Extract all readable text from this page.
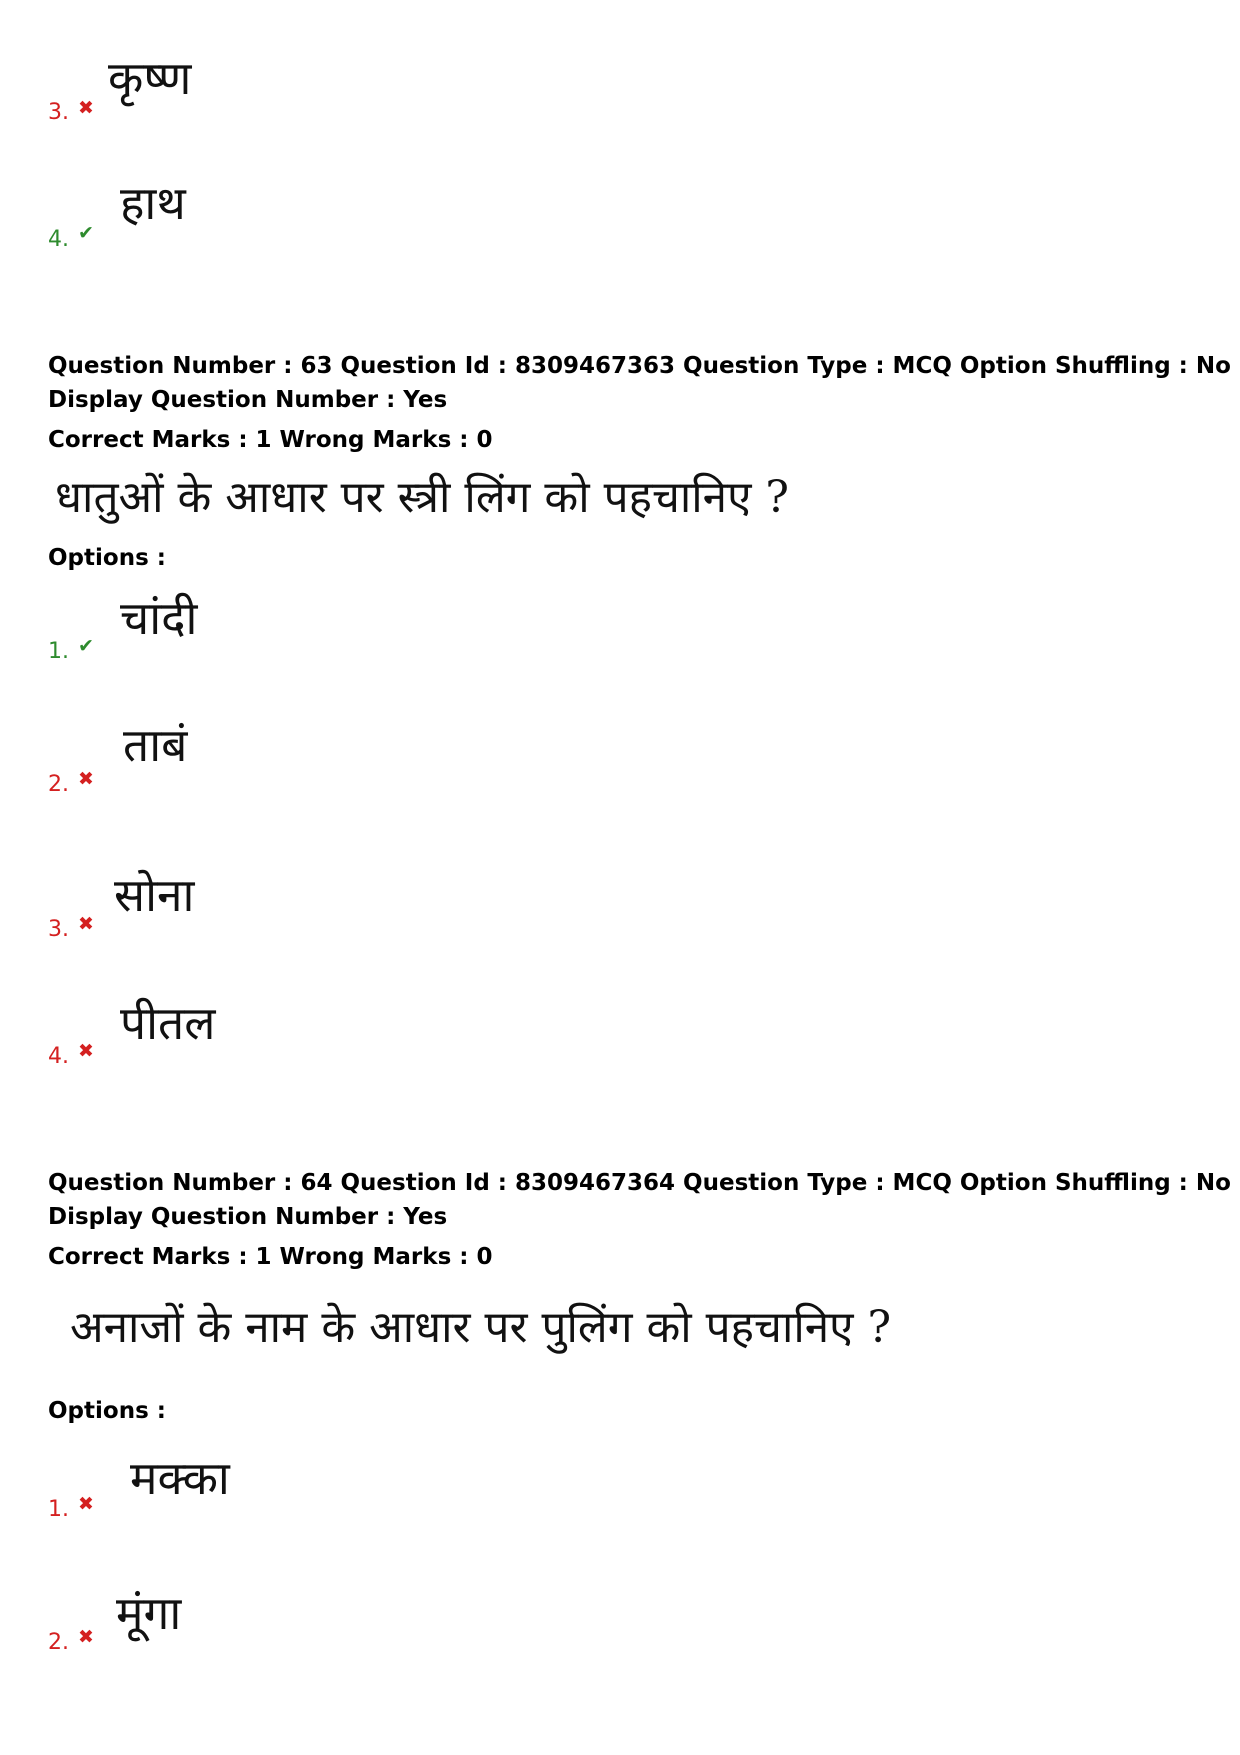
3. ✖
कृष्ण
4. ✔
हाथ
Question Number : 63 Question Id : 8309467363 Question Type : MCQ Option Shuffling : No
Display Question Number : Yes
Correct Marks : 1 Wrong Marks : 0
धातुओं के आधार पर स्त्री लिंग को पहचानिए ?
Options :
1. ✔
चांदी
2. ✖
ताबं
3. ✖
सोना
4. ✖
पीतल
Question Number : 64 Question Id : 8309467364 Question Type : MCQ Option Shuffling : No
Display Question Number : Yes
Correct Marks : 1 Wrong Marks : 0
अनाजों के नाम के आधार पर पुलिंग को पहचानिए ?
Options :
1. ✖ मक्का
2. ✖ मूंगा
